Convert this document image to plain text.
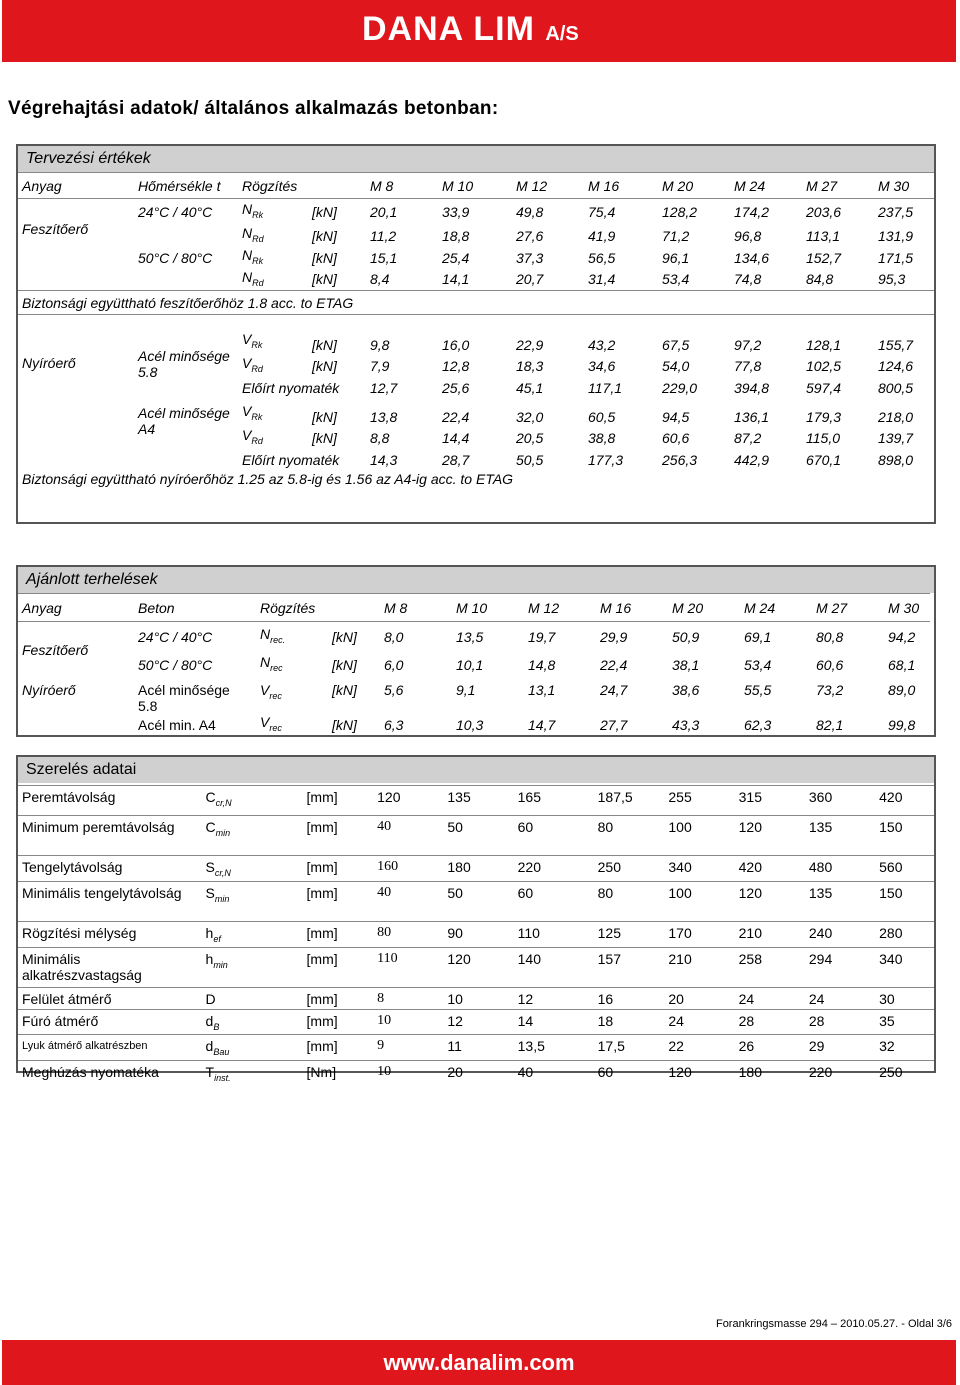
DANA LIM A/S
Végrehajtási adatok/ általános alkalmazás betonban:
Tervezési értékek
Anyag	Hőmérsékle t	Rögzítés		M 8	M 10	M 12	M 16	M 20	M 24	M 27	M 30
Feszítőerő	24°C / 40°C	$N_{Rk}$	[kN]	20,1	33,9	49,8	75,4	128,2	174,2	203,6	237,5
		$N_{Rd}$	[kN]	11,2	18,8	27,6	41,9	71,2	96,8	113,1	131,9
	50°C / 80°C	$N_{Rk}$	[kN]	15,1	25,4	37,3	56,5	96,1	134,6	152,7	171,5
		$N_{Rd}$	[kN]	8,4	14,1	20,7	31,4	53,4	74,8	84,8	95,3
Biztonsági együttható feszítőerőhöz 1.8 acc. to ETAG											
Nyíróerő	Acél minősége 5.8	$V_{Rk}$	[kN]	9,8	16,0	22,9	43,2	67,5	97,2	128,1	155,7
		$V_{Rd}$	[kN]	7,9	12,8	18,3	34,6	54,0	77,8	102,5	124,6
		Előírt nyomaték		12,7	25,6	45,1	117,1	229,0	394,8	597,4	800,5
	Acél minősége A4	$V_{Rk}$	[kN]	13,8	22,4	32,0	60,5	94,5	136,1	179,3	218,0
		$V_{Rd}$	[kN]	8,8	14,4	20,5	38,8	60,6	87,2	115,0	139,7
		Előírt nyomaték		14,3	28,7	50,5	177,3	256,3	442,9	670,1	898,0
Biztonsági együttható nyíróerőhöz 1.25 az 5.8-ig és 1.56 az A4-ig acc. to ETAG											
Ajánlott terhelések
Anyag	Beton	Rögzítés		M 8	M 10	M 12	M 16	M 20	M 24	M 27	M 30
Feszítőerő	24°C / 40°C	$N_{rec.}$	[kN]	8,0	13,5	19,7	29,9	50,9	69,1	80,8	94,2
	50°C / 80°C	$N_{rec}$	[kN]	6,0	10,1	14,8	22,4	38,1	53,4	60,6	68,1
Nyíróerő	Acél minősége 5.8	$V_{rec}$	[kN]	5,6	9,1	13,1	24,7	38,6	55,5	73,2	89,0
	Acél min. A4	$V_{rec}$	[kN]	6,3	10,3	14,7	27,7	43,3	62,3	82,1	99,8
Szerelés adatai
Peremtávolság	$C_{cr,N}$	[mm]	120	135	165	187,5	255	315	360	420
Minimum peremtávolság	$C_{min}$	[mm]	40	50	60	80	100	120	135	150
Tengelytávolság	$S_{cr,N}$	[mm]	160	180	220	250	340	420	480	560
Minimális tengelytávolság	$S_{min}$	[mm]	40	50	60	80	100	120	135	150
Rögzítési mélység	$h_{ef}$	[mm]	80	90	110	125	170	210	240	280
Minimális alkatrészvastagság	$h_{min}$	[mm]	110	120	140	157	210	258	294	340
Felület átmérő	D	[mm]	8	10	12	16	20	24	24	30
Fúró átmérő	$d_B$	[mm]	10	12	14	18	24	28	28	35
Lyuk átmérő alkatrészben	$d_{Bau}$	[mm]	9	11	13,5	17,5	22	26	29	32
Meghúzás nyomatéka	$T_{inst.}$	[Nm]	10	20	40	60	120	180	220	250
Forankringsmasse 294 – 2010.05.27. - Oldal 3/6
www.danalim.com
